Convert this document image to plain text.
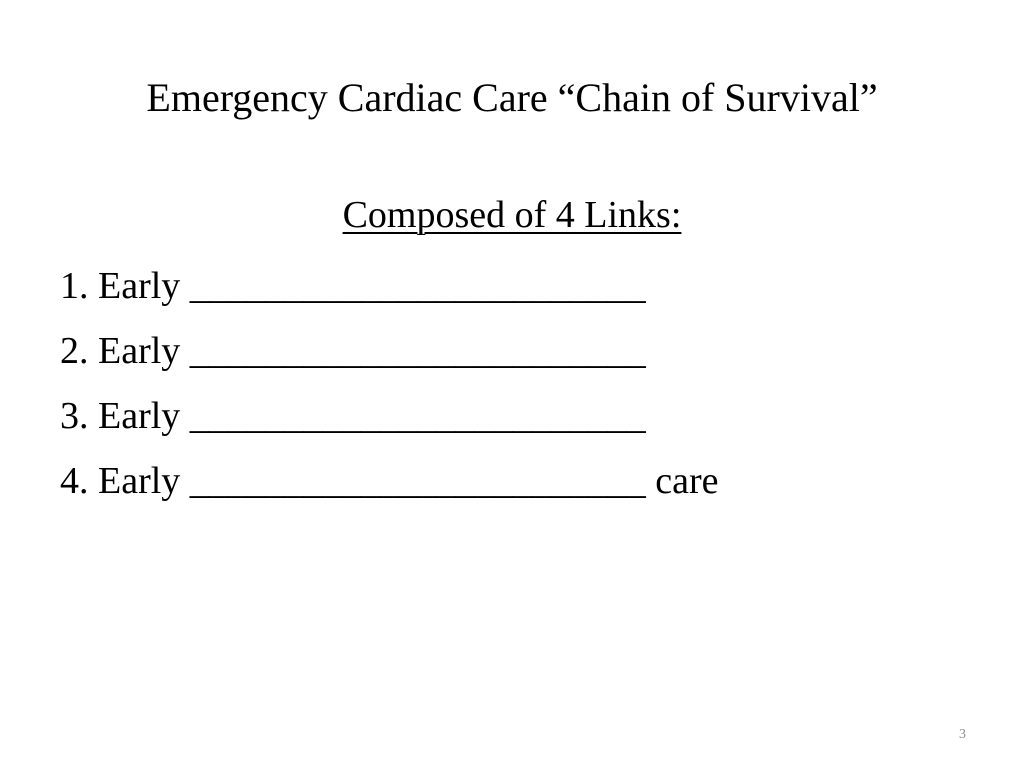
Emergency Cardiac Care “Chain of Survival”
Composed of 4 Links:
1. Early ________________________
2. Early ________________________
3. Early ________________________
4. Early ________________________ care
3
